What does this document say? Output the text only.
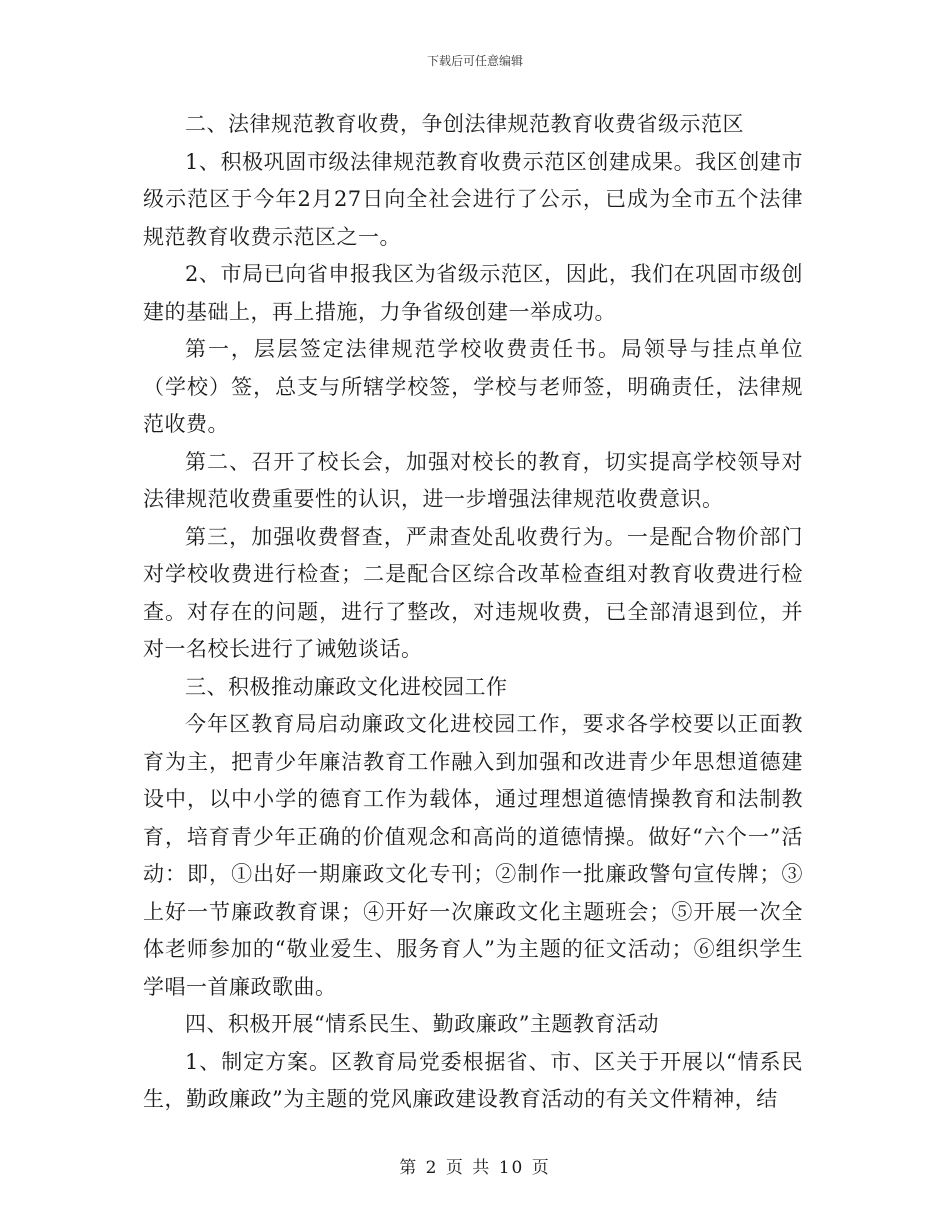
下载后可任意编辑

二、法律规范教育收费，争创法律规范教育收费省级示范区

1、积极巩固市级法律规范教育收费示范区创建成果。我区创建市级示范区于今年2月27日向全社会进行了公示，已成为全市五个法律规范教育收费示范区之一。

2、市局已向省申报我区为省级示范区，因此，我们在巩固市级创建的基础上，再上措施，力争省级创建一举成功。

第一，层层签定法律规范学校收费责任书。局领导与挂点单位（学校）签，总支与所辖学校签，学校与老师签，明确责任，法律规范收费。

第二、召开了校长会，加强对校长的教育，切实提高学校领导对法律规范收费重要性的认识，进一步增强法律规范收费意识。

第三，加强收费督查，严肃查处乱收费行为。一是配合物价部门对学校收费进行检查；二是配合区综合改革检查组对教育收费进行检查。对存在的问题，进行了整改，对违规收费，已全部清退到位，并对一名校长进行了诫勉谈话。

三、积极推动廉政文化进校园工作

今年区教育局启动廉政文化进校园工作，要求各学校要以正面教育为主，把青少年廉洁教育工作融入到加强和改进青少年思想道德建设中，以中小学的德育工作为载体，通过理想道德情操教育和法制教育，培育青少年正确的价值观念和高尚的道德情操。做好“六个一”活动：即，①出好一期廉政文化专刊；②制作一批廉政警句宣传牌；③上好一节廉政教育课；④开好一次廉政文化主题班会；⑤开展一次全体老师参加的“敬业爱生、服务育人”为主题的征文活动；⑥组织学生学唱一首廉政歌曲。

四、积极开展“情系民生、勤政廉政”主题教育活动

1、制定方案。区教育局党委根据省、市、区关于开展以“情系民生，勤政廉政”为主题的党风廉政建设教育活动的有关文件精神，结

第 2 页 共 10 页
